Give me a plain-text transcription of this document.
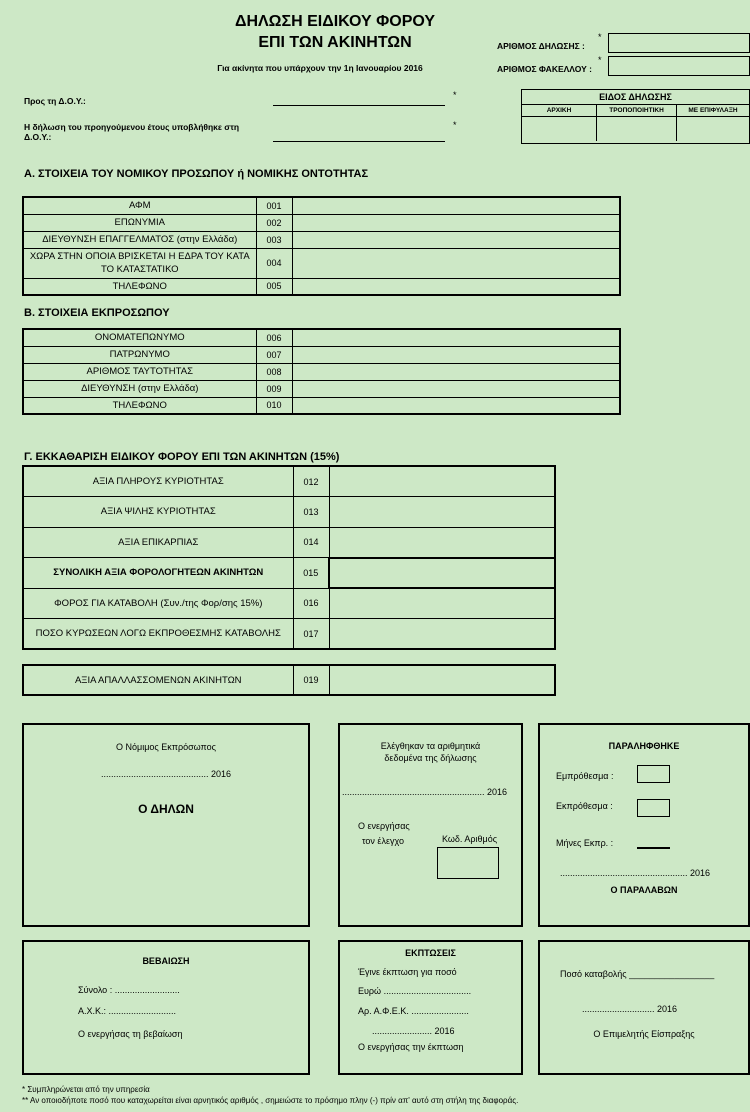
ΔΗΛΩΣΗ ΕΙΔΙΚΟΥ ΦΟΡΟΥ
ΕΠΙ ΤΩΝ ΑΚΙΝΗΤΩΝ
Για ακίνητα που υπάρχουν την 1η Ιανουαρίου 2016
ΑΡΙΘΜΟΣ ΔΗΛΩΣΗΣ :
*
ΑΡΙΘΜΟΣ ΦΑΚΕΛΛΟΥ :
*
Προς τη Δ.Ο.Υ.:
*
Η δήλωση του προηγούμενου έτους υποβλήθηκε στη Δ.Ο.Υ.:
*
ΕΙΔΟΣ ΔΗΛΩΣΗΣ
ΑΡΧΙΚΗ	ΤΡΟΠΟΠΟΙΗΤΙΚΗ	ΜΕ ΕΠΙΦΥΛΑΞΗ
Α. ΣΤΟΙΧΕΙΑ ΤΟΥ ΝΟΜΙΚΟΥ ΠΡΟΣΩΠΟΥ ή ΝΟΜΙΚΗΣ ΟΝΤΟΤΗΤΑΣ
ΑΦΜ	001	
ΕΠΩΝΥΜΙΑ	002	
ΔΙΕΥΘΥΝΣΗ ΕΠΑΓΓΕΛΜΑΤΟΣ (στην Ελλάδα)	003	
ΧΩΡΑ ΣΤΗΝ ΟΠΟΙΑ ΒΡΙΣΚΕΤΑΙ Η ΕΔΡΑ ΤΟΥ ΚΑΤΑ ΤΟ ΚΑΤΑΣΤΑΤΙΚΟ	004	
ΤΗΛΕΦΩΝΟ	005	
Β. ΣΤΟΙΧΕΙΑ ΕΚΠΡΟΣΩΠΟΥ
ΟΝΟΜΑΤΕΠΩΝΥΜΟ	006	
ΠΑΤΡΩΝΥΜΟ	007	
ΑΡΙΘΜΟΣ ΤΑΥΤΟΤΗΤΑΣ	008	
ΔΙΕΥΘΥΝΣΗ (στην Ελλάδα)	009	
ΤΗΛΕΦΩΝΟ	010	
Γ. ΕΚΚΑΘΑΡΙΣΗ ΕΙΔΙΚΟΥ ΦΟΡΟΥ ΕΠΙ ΤΩΝ ΑΚΙΝΗΤΩΝ (15%)
ΑΞΙΑ ΠΛΗΡΟΥΣ ΚΥΡΙΟΤΗΤΑΣ	012	
ΑΞΙΑ ΨΙΛΗΣ ΚΥΡΙΟΤΗΤΑΣ	013	
ΑΞΙΑ ΕΠΙΚΑΡΠΙΑΣ	014	
ΣΥΝΟΛΙΚΗ ΑΞΙΑ ΦΟΡΟΛΟΓΗΤΕΩΝ ΑΚΙΝΗΤΩΝ	015	
ΦΟΡΟΣ ΓΙΑ ΚΑΤΑΒΟΛΗ (Συν./της Φορ/σης 15%)	016	
ΠΟΣΟ ΚΥΡΩΣΕΩΝ ΛΟΓΩ ΕΚΠΡΟΘΕΣΜΗΣ ΚΑΤΑΒΟΛΗΣ	017	
ΑΞΙΑ ΑΠΑΛΛΑΣΣΟΜΕΝΩΝ ΑΚΙΝΗΤΩΝ	019	
Ο Νόμιμος Εκπρόσωπος
........................................... 2016
Ο ΔΗΛΩΝ
Ελέγθηκαν τα αριθμητικά
δεδομένα της δήλωσης
......................................................... 2016
Ο ενεργήσας
τον έλεγχο	Κωδ. Αριθμός
ΠΑΡΑΛΗΦΘΗΚΕ
Εμπρόθεσμα :
Εκπρόθεσμα :
Μήνες Εκπρ. :
................................................... 2016
Ο ΠΑΡΑΛΑΒΩΝ
ΒΕΒΑΙΩΣΗ
Σύνολο : ..........................
Α.Χ.Κ.: ...........................
Ο ενεργήσας τη βεβαίωση
ΕΚΠΤΩΣΕΙΣ
Έγινε έκπτωση για ποσό
Ευρώ ...................................
Αρ. Α.Φ.Ε.Κ. .......................
........................ 2016
Ο ενεργήσας την έκπτωση
Ποσό καταβολής _________________
............................. 2016
Ο Επιμελητής Είσπραξης
* Συμπληρώνεται από την υπηρεσία
** Αν οποιοδήποτε ποσό που καταχωρείται είναι αρνητικός αριθμός , σημειώστε το πρόσημο πλην (-) πρίν απ' αυτό στη στήλη της διαφοράς.
